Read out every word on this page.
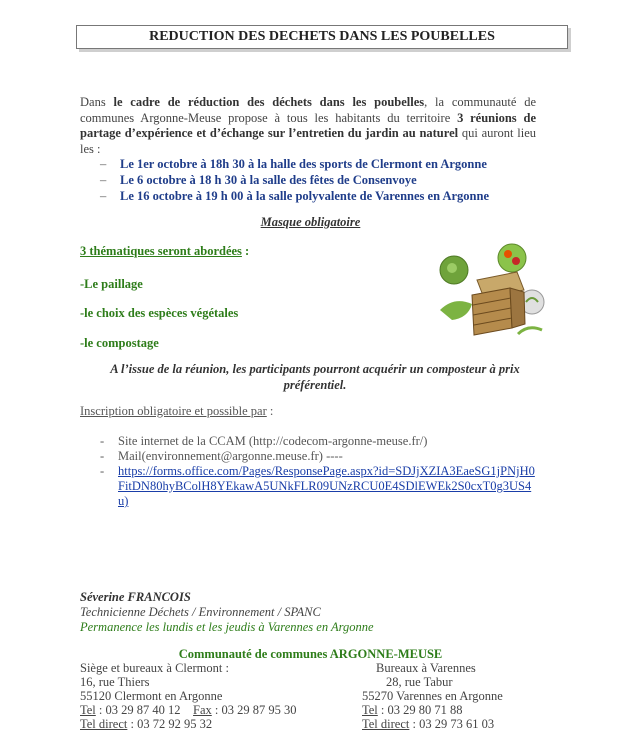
REDUCTION DES DECHETS DANS LES POUBELLES
Dans le cadre de réduction des déchets dans les poubelles, la communauté de communes Argonne-Meuse propose à tous les habitants du territoire 3 réunions de partage d’expérience et d’échange sur l’entretien du jardin au naturel qui auront lieu les :
– Le 1er octobre à 18h 30 à la halle des sports de Clermont en Argonne
– Le 6 octobre à 18 h 30 à la salle des fêtes de Consenvoye
– Le 16 octobre à 19 h 00 à la salle polyvalente de Varennes en Argonne
Masque obligatoire
3 thématiques seront abordées :
-Le paillage
-le choix des espèces végétales
-le compostage
A l’issue de la réunion, les participants pourront acquérir un composteur à prix préférentiel.
Inscription obligatoire et possible par :
- Site internet de la CCAM (http://codecom-argonne-meuse.fr/)
- Mail(environnement@argonne.meuse.fr) ----
- https://forms.office.com/Pages/ResponsePage.aspx?id=SDJjXZIA3EaeSG1jPNjH0FitDN80hyBColH8YEkawA5UNkFLR09UNzRCU0E4SDlEWEk2S0cxT0g3US4u)
Séverine FRANCOIS
Technicienne Déchets / Environnement / SPANC
Permanence les lundis et les jeudis à Varennes en Argonne
Communauté de communes ARGONNE-MEUSE
Siège et bureaux à Clermont :
16, rue Thiers
55120 Clermont en Argonne
Tel : 03 29 87 40 12 Fax : 03 29 87 95 30
Tel direct : 03 72 92 95 32
Bureaux à Varennes
28, rue Tabur
55270 Varennes en Argonne
Tel : 03 29 80 71 88
Tel direct : 03 29 73 61 03
